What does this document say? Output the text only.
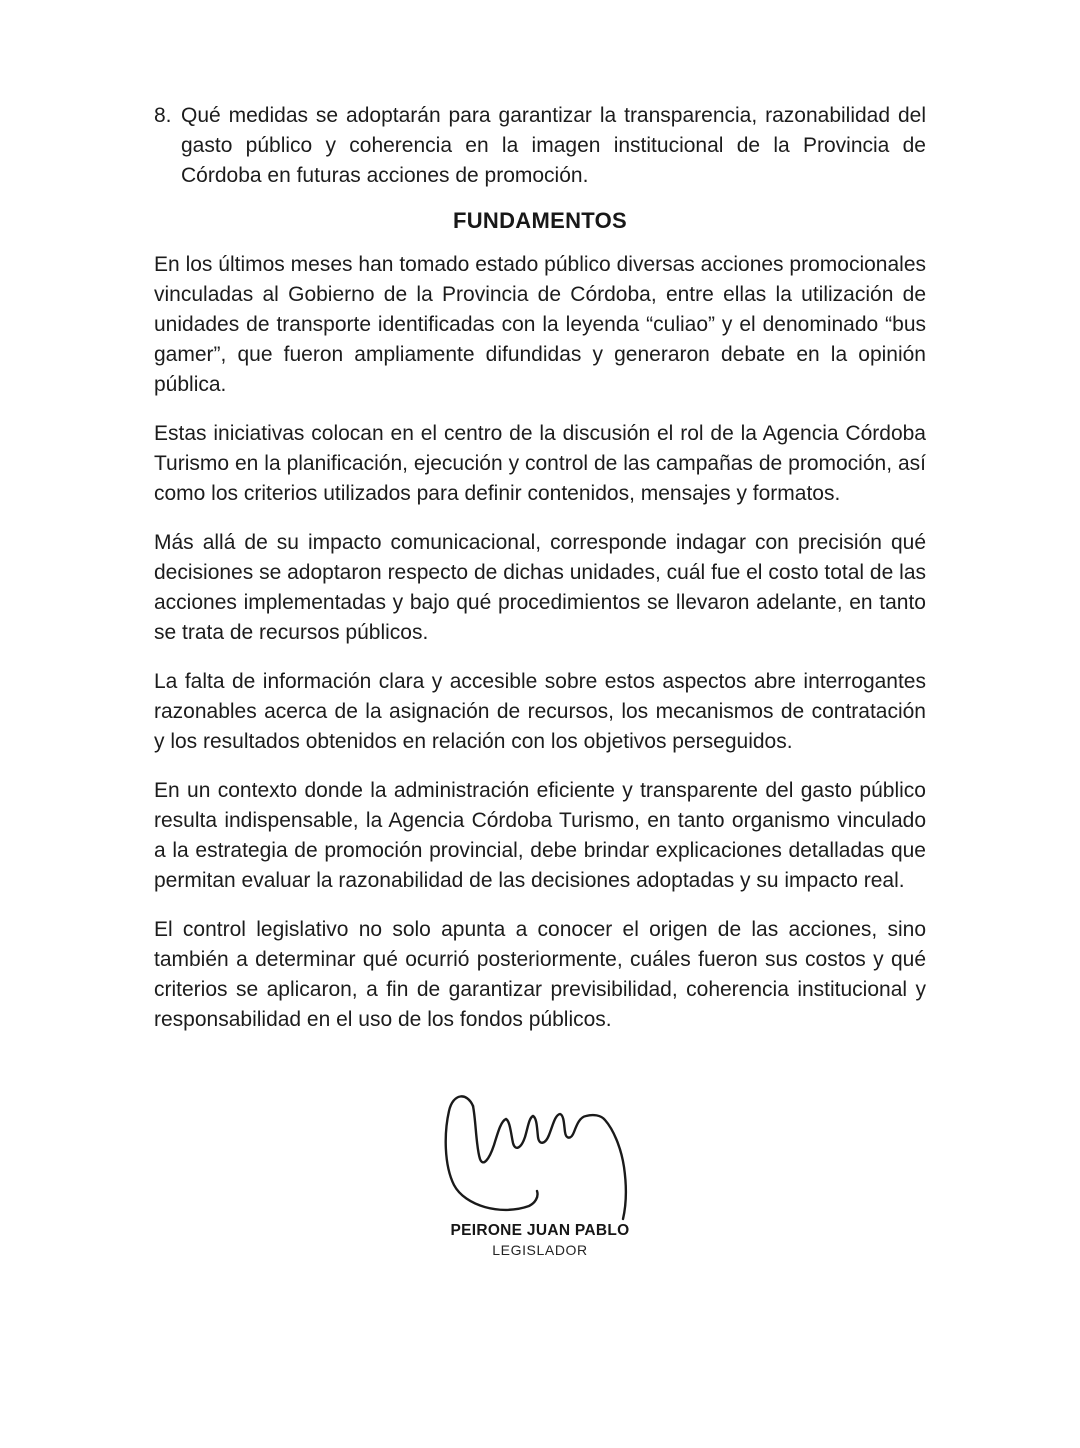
8. Qué medidas se adoptarán para garantizar la transparencia, razonabilidad del gasto público y coherencia en la imagen institucional de la Provincia de Córdoba en futuras acciones de promoción.
FUNDAMENTOS

En los últimos meses han tomado estado público diversas acciones promocionales vinculadas al Gobierno de la Provincia de Córdoba, entre ellas la utilización de unidades de transporte identificadas con la leyenda “culiao” y el denominado “bus gamer”, que fueron ampliamente difundidas y generaron debate en la opinión pública.

Estas iniciativas colocan en el centro de la discusión el rol de la Agencia Córdoba Turismo en la planificación, ejecución y control de las campañas de promoción, así como los criterios utilizados para definir contenidos, mensajes y formatos.

Más allá de su impacto comunicacional, corresponde indagar con precisión qué decisiones se adoptaron respecto de dichas unidades, cuál fue el costo total de las acciones implementadas y bajo qué procedimientos se llevaron adelante, en tanto se trata de recursos públicos.

La falta de información clara y accesible sobre estos aspectos abre interrogantes razonables acerca de la asignación de recursos, los mecanismos de contratación y los resultados obtenidos en relación con los objetivos perseguidos.

En un contexto donde la administración eficiente y transparente del gasto público resulta indispensable, la Agencia Córdoba Turismo, en tanto organismo vinculado a la estrategia de promoción provincial, debe brindar explicaciones detalladas que permitan evaluar la razonabilidad de las decisiones adoptadas y su impacto real.

El control legislativo no solo apunta a conocer el origen de las acciones, sino también a determinar qué ocurrió posteriormente, cuáles fueron sus costos y qué criterios se aplicaron, a fin de garantizar previsibilidad, coherencia institucional y responsabilidad en el uso de los fondos públicos.

PEIRONE JUAN PABLO
LEGISLADOR
